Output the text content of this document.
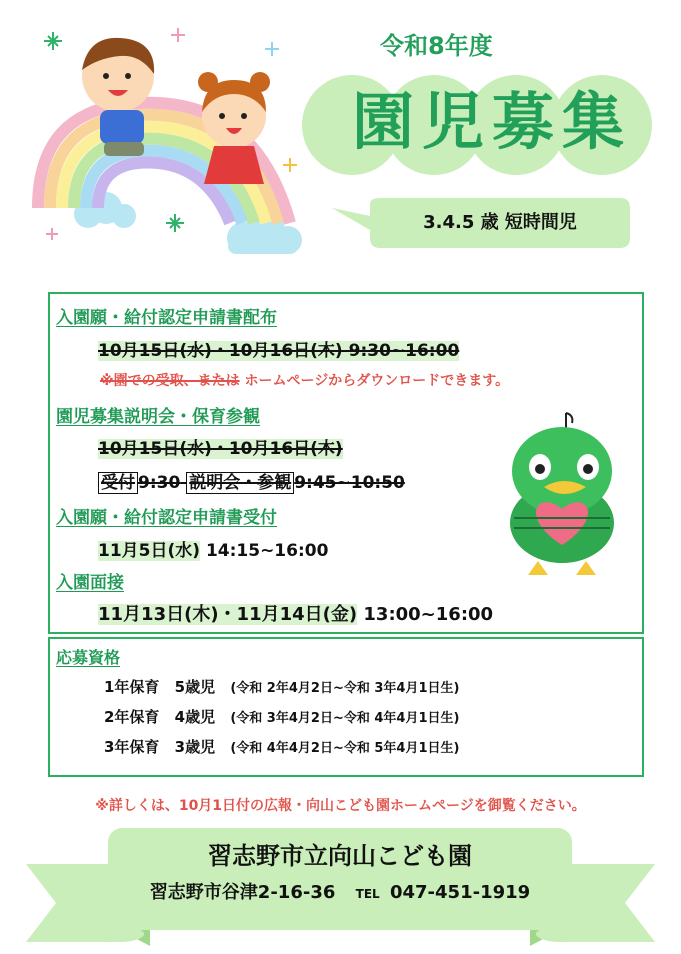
令和8年度
園児募集
3.4.5 歳 短時間児
入園願・給付認定申請書配布
10月15日(水)・10月16日(木) 9:30~16:00
※園での受取、または ホームページからダウンロードできます。
園児募集説明会・保育参観
10月15日(水)・10月16日(木)
受付 9:30 説明会・参観 9:45~10:50
入園願・給付認定申請書受付
11月5日(水) 14:15~16:00
入園面接
11月13日(木)・11月14日(金) 13:00~16:00
応募資格
1年保育 5歳児 (令和 2年4月2日~令和 3年4月1日生)
2年保育 4歳児 (令和 3年4月2日~令和 4年4月1日生)
3年保育 3歳児 (令和 4年4月2日~令和 5年4月1日生)
※詳しくは、10月1日付の広報・向山こども園ホームページを御覧ください。
習志野市立向山こども園
習志野市谷津2-16-36 TEL 047-451-1919
